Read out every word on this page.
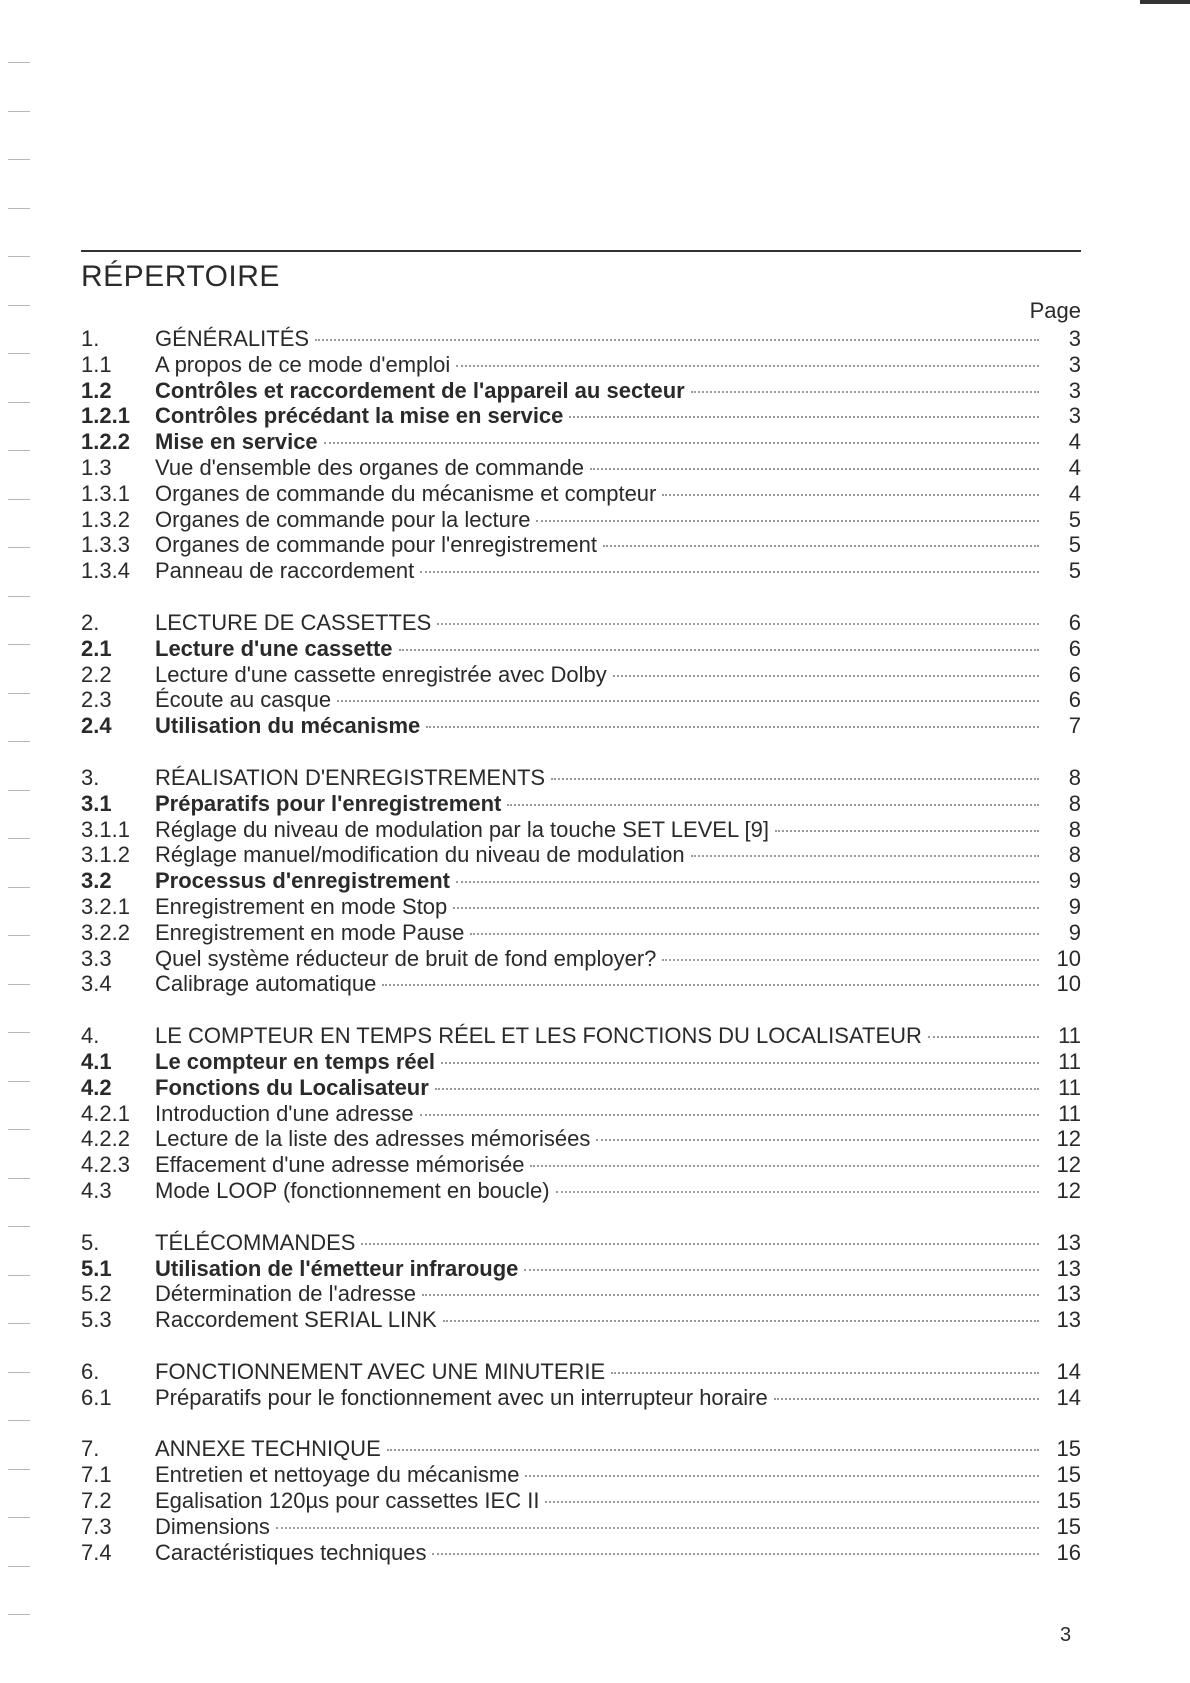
RÉPERTOIRE
Page
1.	GÉNÉRALITÉS	3
1.1	A propos de ce mode d'emploi	3
1.2	Contrôles et raccordement de l'appareil au secteur	3
1.2.1	Contrôles précédant la mise en service	3
1.2.2	Mise en service	4
1.3	Vue d'ensemble des organes de commande	4
1.3.1	Organes de commande du mécanisme et compteur	4
1.3.2	Organes de commande pour la lecture	5
1.3.3	Organes de commande pour l'enregistrement	5
1.3.4	Panneau de raccordement	5
2.	LECTURE DE CASSETTES	6
2.1	Lecture d'une cassette	6
2.2	Lecture d'une cassette enregistrée avec Dolby	6
2.3	Écoute au casque	6
2.4	Utilisation du mécanisme	7
3.	RÉALISATION D'ENREGISTREMENTS	8
3.1	Préparatifs pour l'enregistrement	8
3.1.1	Réglage du niveau de modulation par la touche SET LEVEL [9]	8
3.1.2	Réglage manuel/modification du niveau de modulation	8
3.2	Processus d'enregistrement	9
3.2.1	Enregistrement en mode Stop	9
3.2.2	Enregistrement en mode Pause	9
3.3	Quel système réducteur de bruit de fond employer?	10
3.4	Calibrage automatique	10
4.	LE COMPTEUR EN TEMPS RÉEL ET LES FONCTIONS DU LOCALISATEUR	11
4.1	Le compteur en temps réel	11
4.2	Fonctions du Localisateur	11
4.2.1	Introduction d'une adresse	11
4.2.2	Lecture de la liste des adresses mémorisées	12
4.2.3	Effacement d'une adresse mémorisée	12
4.3	Mode LOOP (fonctionnement en boucle)	12
5.	TÉLÉCOMMANDES	13
5.1	Utilisation de l'émetteur infrarouge	13
5.2	Détermination de l'adresse	13
5.3	Raccordement SERIAL LINK	13
6.	FONCTIONNEMENT AVEC UNE MINUTERIE	14
6.1	Préparatifs pour le fonctionnement avec un interrupteur horaire	14
7.	ANNEXE TECHNIQUE	15
7.1	Entretien et nettoyage du mécanisme	15
7.2	Egalisation 120µs pour cassettes IEC II	15
7.3	Dimensions	15
7.4	Caractéristiques techniques	16
3
